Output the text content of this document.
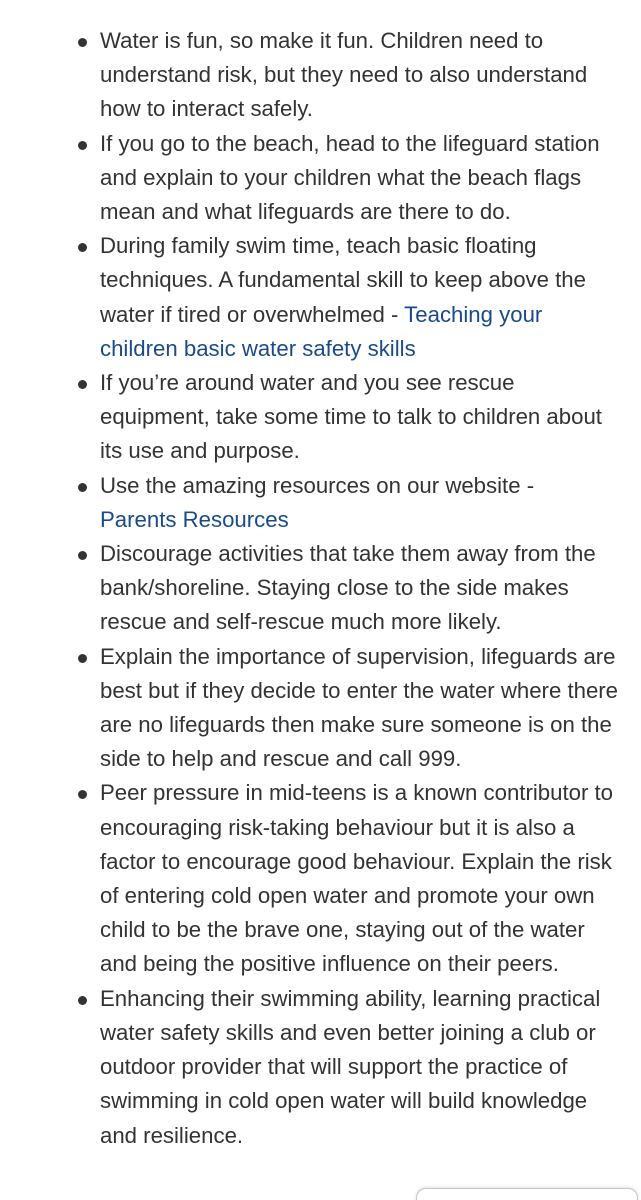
Water is fun, so make it fun. Children need to understand risk, but they need to also understand how to interact safely.
If you go to the beach, head to the lifeguard station and explain to your children what the beach flags mean and what lifeguards are there to do.
During family swim time, teach basic floating techniques. A fundamental skill to keep above the water if tired or overwhelmed - Teaching your children basic water safety skills
If you’re around water and you see rescue equipment, take some time to talk to children about its use and purpose.
Use the amazing resources on our website -
Parents Resources
Discourage activities that take them away from the bank/shoreline. Staying close to the side makes rescue and self-rescue much more likely.
Explain the importance of supervision, lifeguards are best but if they decide to enter the water where there are no lifeguards then make sure someone is on the side to help and rescue and call 999.
Peer pressure in mid-teens is a known contributor to encouraging risk-taking behaviour but it is also a factor to encourage good behaviour. Explain the risk of entering cold open water and promote your own child to be the brave one, staying out of the water and being the positive influence on their peers.
Enhancing their swimming ability, learning practical water safety skills and even better joining a club or outdoor provider that will support the practice of swimming in cold open water will build knowledge and resilience.
